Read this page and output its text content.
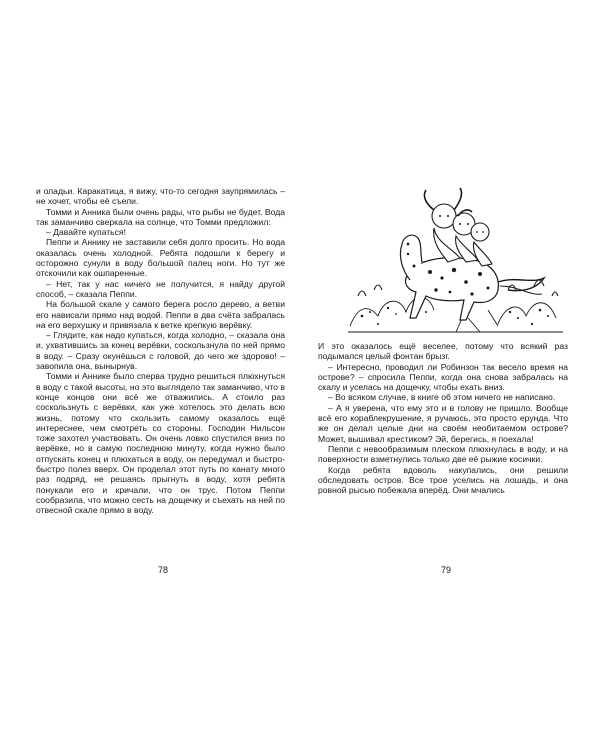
и оладьи. Каракатица, я вижу, что-то сегодня заупрямилась – не хочет, чтобы её съели.

Томми и Анника были очень рады, что рыбы не будет. Вода так заманчиво сверкала на солнце, что Томми предложил:

– Давайте купаться!

Пеппи и Аннику не заставили себя долго просить. Но вода оказалась очень холодной. Ребята подошли к берегу и осторожно сунули в воду большой палец ноги. Но тут же отскочили как ошпаренные.

– Нет, так у нас ничего не получится, я найду другой способ, – сказала Пеппи.

На большой скале у самого берега росло дерево, а ветви его нависали прямо над водой. Пеппи в два счёта забралась на его верхушку и привязала к ветке крепкую верёвку.

– Глядите, как надо купаться, когда холодно, – сказала она и, ухватившись за конец верёвки, соскользнула по ней прямо в воду. – Сразу окунёшься с головой, до чего же здорово! – завопила она, вынырнув.

Томми и Аннике было сперва трудно решиться плюхнуться в воду с такой высоты, но это выглядело так заманчиво, что в конце концов они всё же отважились. А стоило раз соскользнуть с верёвки, как уже хотелось это делать всю жизнь, потому что скользить самому оказалось ещё интереснее, чем смотреть со стороны. Господин Нильсон тоже захотел участвовать. Он очень ловко спустился вниз по верёвке, но в самую последнюю минуту, когда нужно было отпускать конец и плюхаться в воду, он передумал и быстро-быстро полез вверх. Он проделал этот путь по канату много раз подряд, не решаясь прыгнуть в воду, хотя ребята понукали его и кричали, что он трус. Потом Пеппи сообразила, что можно сесть на дощечку и съехать на ней по отвесной скале прямо в воду.

78

И это оказалось ещё веселее, потому что всякий раз подымался целый фонтан брызг.

– Интересно, проводил ли Робинзон так весело время на острове? – спросила Пеппи, когда она снова забралась на скалу и уселась на дощечку, чтобы ехать вниз.

– Во всяком случае, в книге об этом ничего не написано.

– А я уверена, что ему это и в голову не пришло. Вообще всё его кораблекрушение, я ручаюсь, это просто ерунда. Что же он делал целые дни на своём необитаемом острове? Может, вышивал крестиком? Эй, берегись, я поехала!

Пеппи с невообразимым плеском плюхнулась в воду, и на поверхности взметнулись только две её рыжие косички.

Когда ребята вдоволь накупались, они решили обследовать остров. Все трое уселись на лошадь, и она ровной рысью побежала вперёд. Они мчались

79
